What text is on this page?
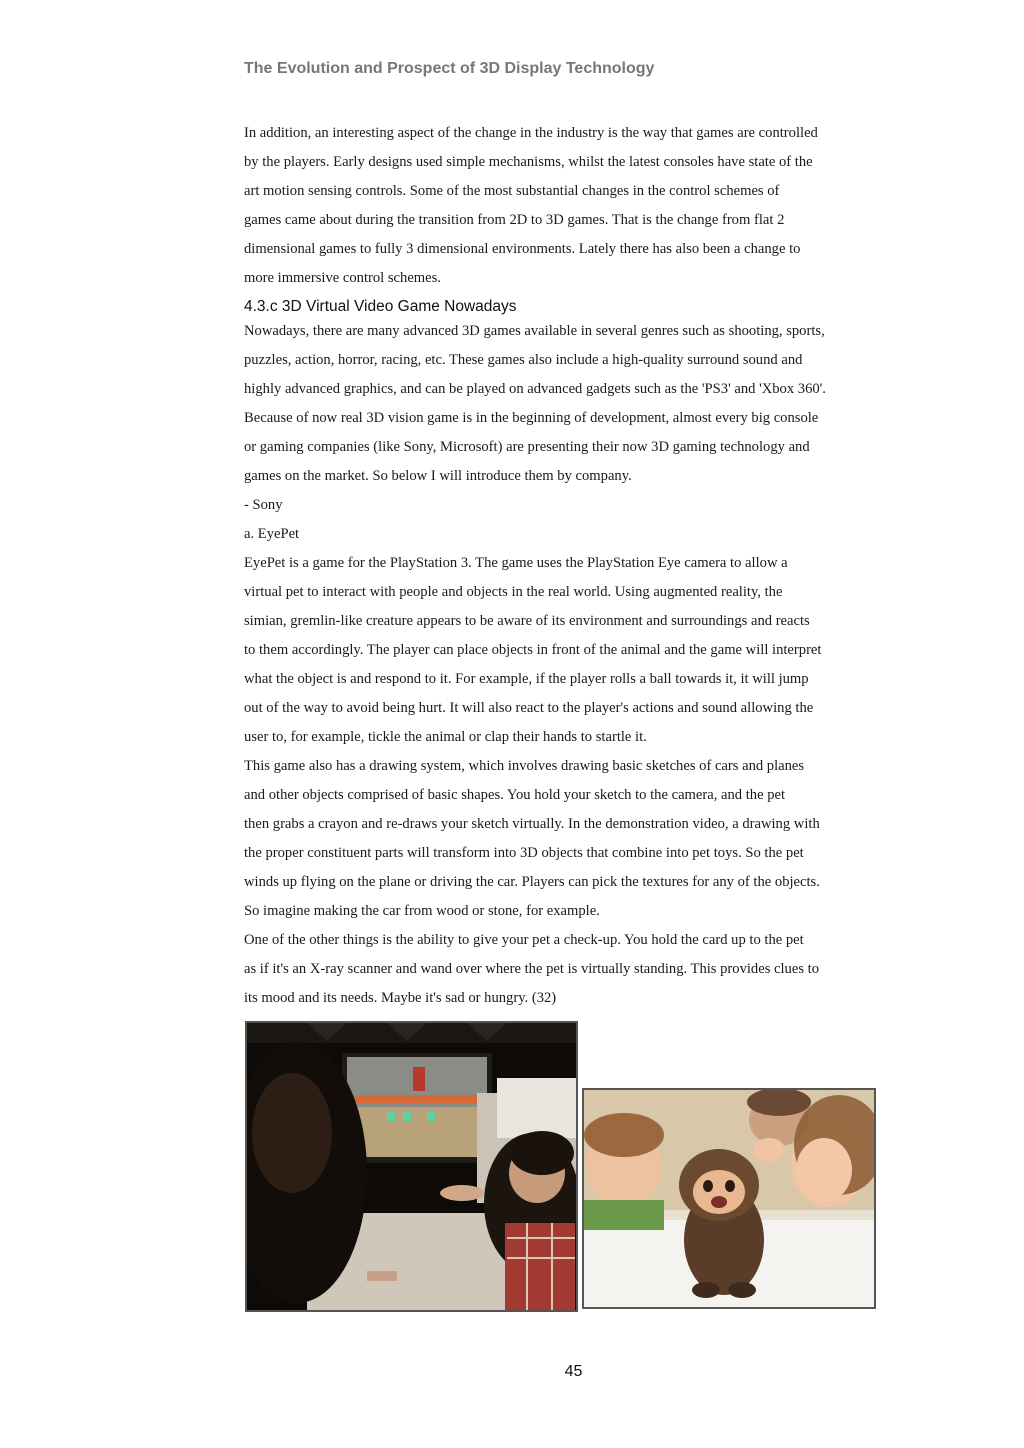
The Evolution and Prospect of 3D Display Technology
In addition, an interesting aspect of the change in the industry is the way that games are controlled
by the players. Early designs used simple mechanisms, whilst the latest consoles have state of the
art motion sensing controls. Some of the most substantial changes in the control schemes of
games came about during the transition from 2D to 3D games. That is the change from flat 2
dimensional games to fully 3 dimensional environments. Lately there has also been a change to
more immersive control schemes.
4.3.c 3D Virtual Video Game Nowadays
Nowadays, there are many advanced 3D games available in several genres such as shooting, sports,
puzzles, action, horror, racing, etc. These games also include a high-quality surround sound and
highly advanced graphics, and can be played on advanced gadgets such as the 'PS3' and 'Xbox 360'.
Because of now real 3D vision game is in the beginning of development, almost every big console
or gaming companies (like Sony, Microsoft) are presenting their now 3D gaming technology and
games on the market. So below I will introduce them by company.
- Sony
a. EyePet
EyePet is a game for the PlayStation 3. The game uses the PlayStation Eye camera to allow a
virtual pet to interact with people and objects in the real world. Using augmented reality, the
simian, gremlin-like creature appears to be aware of its environment and surroundings and reacts
to them accordingly. The player can place objects in front of the animal and the game will interpret
what the object is and respond to it. For example, if the player rolls a ball towards it, it will jump
out of the way to avoid being hurt. It will also react to the player's actions and sound allowing the
user to, for example, tickle the animal or clap their hands to startle it.
This game also has a drawing system, which involves drawing basic sketches of cars and planes
and other objects comprised of basic shapes. You hold your sketch to the camera, and the pet
then grabs a crayon and re-draws your sketch virtually. In the demonstration video, a drawing with
the proper constituent parts will transform into 3D objects that combine into pet toys. So the pet
winds up flying on the plane or driving the car. Players can pick the textures for any of the objects.
So imagine making the car from wood or stone, for example.
One of the other things is the ability to give your pet a check-up. You hold the card up to the pet
as if it's an X-ray scanner and wand over where the pet is virtually standing. This provides clues to
its mood and its needs. Maybe it's sad or hungry. (32)
45
